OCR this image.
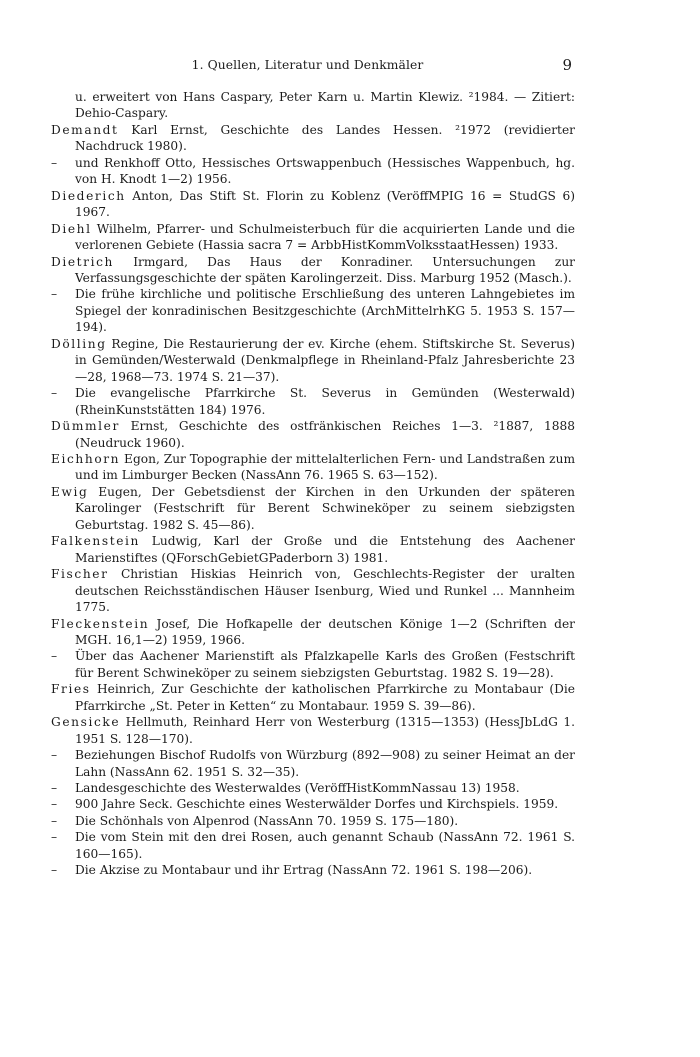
1. Quellen, Literatur und Denkmäler	9
u. erweitert von Hans Caspary, Peter Karn u. Martin Klewiz. ²1984. — Zitiert: Dehio-Caspary.
Demandt Karl Ernst, Geschichte des Landes Hessen. ²1972 (revidierter Nachdruck 1980).
– und Renkhoff Otto, Hessisches Ortswappenbuch (Hessisches Wappenbuch, hg. von H. Knodt 1—2) 1956.
Diederich Anton, Das Stift St. Florin zu Koblenz (VeröffMPIG 16 = StudGS 6) 1967.
Diehl Wilhelm, Pfarrer- und Schulmeisterbuch für die acquirierten Lande und die verlorenen Gebiete (Hassia sacra 7 = ArbbHistKommVolksstaatHessen) 1933.
Dietrich Irmgard, Das Haus der Konradiner. Untersuchungen zur Verfassungsgeschichte der späten Karolingerzeit. Diss. Marburg 1952 (Masch.).
– Die frühe kirchliche und politische Erschließung des unteren Lahngebietes im Spiegel der konradinischen Besitzgeschichte (ArchMittelrhKG 5. 1953 S. 157—194).
Dölling Regine, Die Restaurierung der ev. Kirche (ehem. Stiftskirche St. Severus) in Gemünden/Westerwald (Denkmalpflege in Rheinland-Pfalz Jahresberichte 23—28, 1968—73. 1974 S. 21—37).
– Die evangelische Pfarrkirche St. Severus in Gemünden (Westerwald) (RheinKunststätten 184) 1976.
Dümmler Ernst, Geschichte des ostfränkischen Reiches 1—3. ²1887, 1888 (Neudruck 1960).
Eichhorn Egon, Zur Topographie der mittelalterlichen Fern- und Landstraßen zum und im Limburger Becken (NassAnn 76. 1965 S. 63—152).
Ewig Eugen, Der Gebetsdienst der Kirchen in den Urkunden der späteren Karolinger (Festschrift für Berent Schwineköper zu seinem siebzigsten Geburtstag. 1982 S. 45—86).
Falkenstein Ludwig, Karl der Große und die Entstehung des Aachener Marienstiftes (QForschGebietGPaderborn 3) 1981.
Fischer Christian Hiskias Heinrich von, Geschlechts-Register der uralten deutschen Reichsständischen Häuser Isenburg, Wied und Runkel ... Mannheim 1775.
Fleckenstein Josef, Die Hofkapelle der deutschen Könige 1—2 (Schriften der MGH. 16,1—2) 1959, 1966.
– Über das Aachener Marienstift als Pfalzkapelle Karls des Großen (Festschrift für Berent Schwineköper zu seinem siebzigsten Geburtstag. 1982 S. 19—28).
Fries Heinrich, Zur Geschichte der katholischen Pfarrkirche zu Montabaur (Die Pfarrkirche „St. Peter in Ketten“ zu Montabaur. 1959 S. 39—86).
Gensicke Hellmuth, Reinhard Herr von Westerburg (1315—1353) (HessJbLdG 1. 1951 S. 128—170).
– Beziehungen Bischof Rudolfs von Würzburg (892—908) zu seiner Heimat an der Lahn (NassAnn 62. 1951 S. 32—35).
– Landesgeschichte des Westerwaldes (VeröffHistKommNassau 13) 1958.
– 900 Jahre Seck. Geschichte eines Westerwälder Dorfes und Kirchspiels. 1959.
– Die Schönhals von Alpenrod (NassAnn 70. 1959 S. 175—180).
– Die vom Stein mit den drei Rosen, auch genannt Schaub (NassAnn 72. 1961 S. 160—165).
– Die Akzise zu Montabaur und ihr Ertrag (NassAnn 72. 1961 S. 198—206).
